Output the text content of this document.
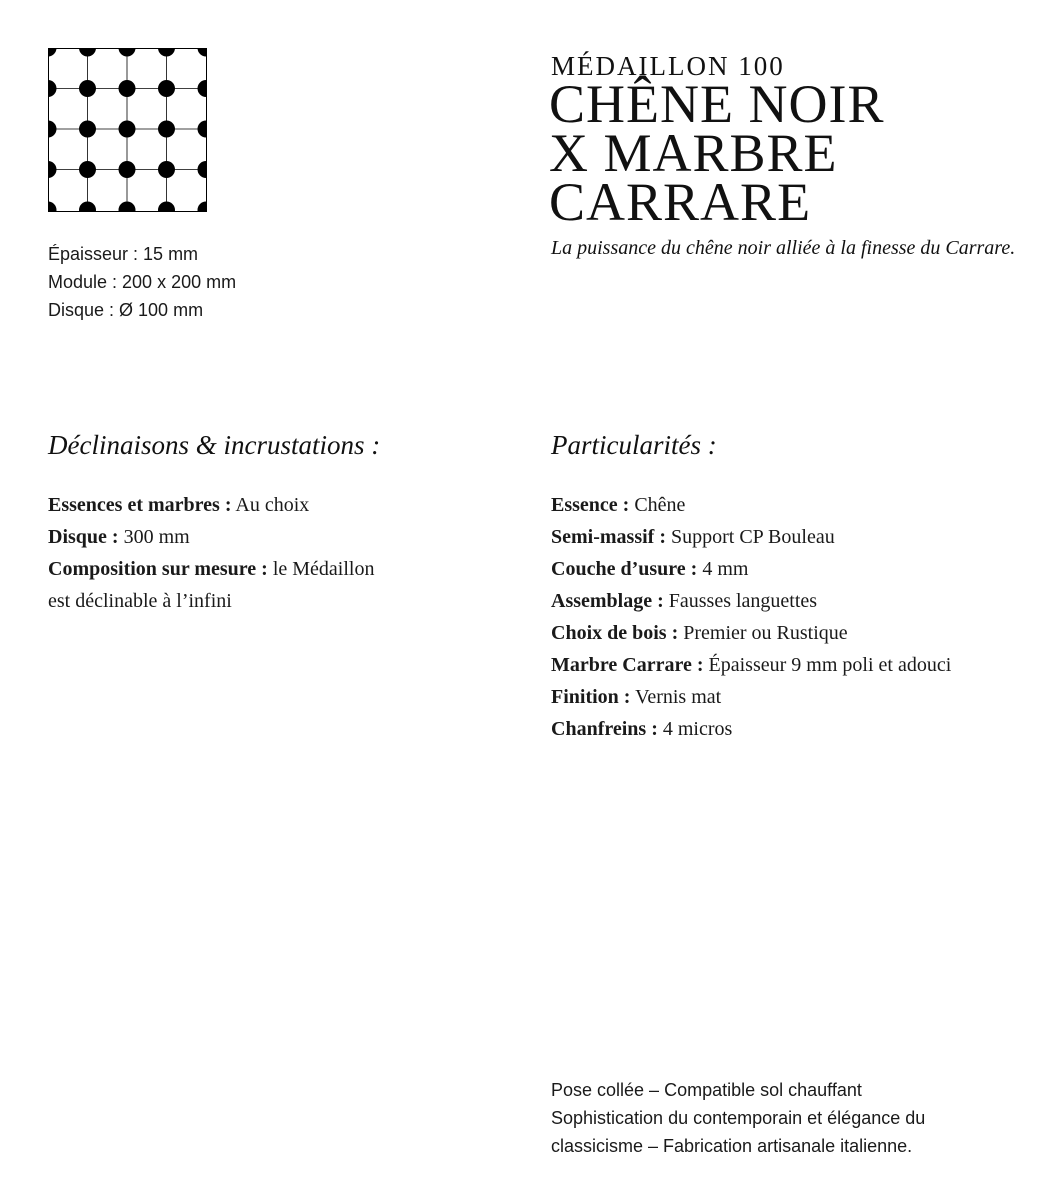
Épaisseur : 15 mm
Module : 200 x 200 mm
Disque : Ø 100 mm
MÉDAILLON 100
CHÊNE NOIR
X MARBRE
CARRARE
La puissance du chêne noir alliée à la finesse du Carrare.
Déclinaisons & incrustations :	Particularités :
Essences et marbres : Au choix
Disque : 300 mm
Composition sur mesure : le Médaillon est déclinable à l’infini
Essence : Chêne
Semi-massif : Support CP Bouleau
Couche d’usure : 4 mm
Assemblage : Fausses languettes
Choix de bois : Premier ou Rustique
Marbre Carrare : Épaisseur 9 mm poli et adouci
Finition : Vernis mat
Chanfreins : 4 micros
Pose collée – Compatible sol chauffant
Sophistication du contemporain et élégance du classicisme – Fabrication artisanale italienne.
